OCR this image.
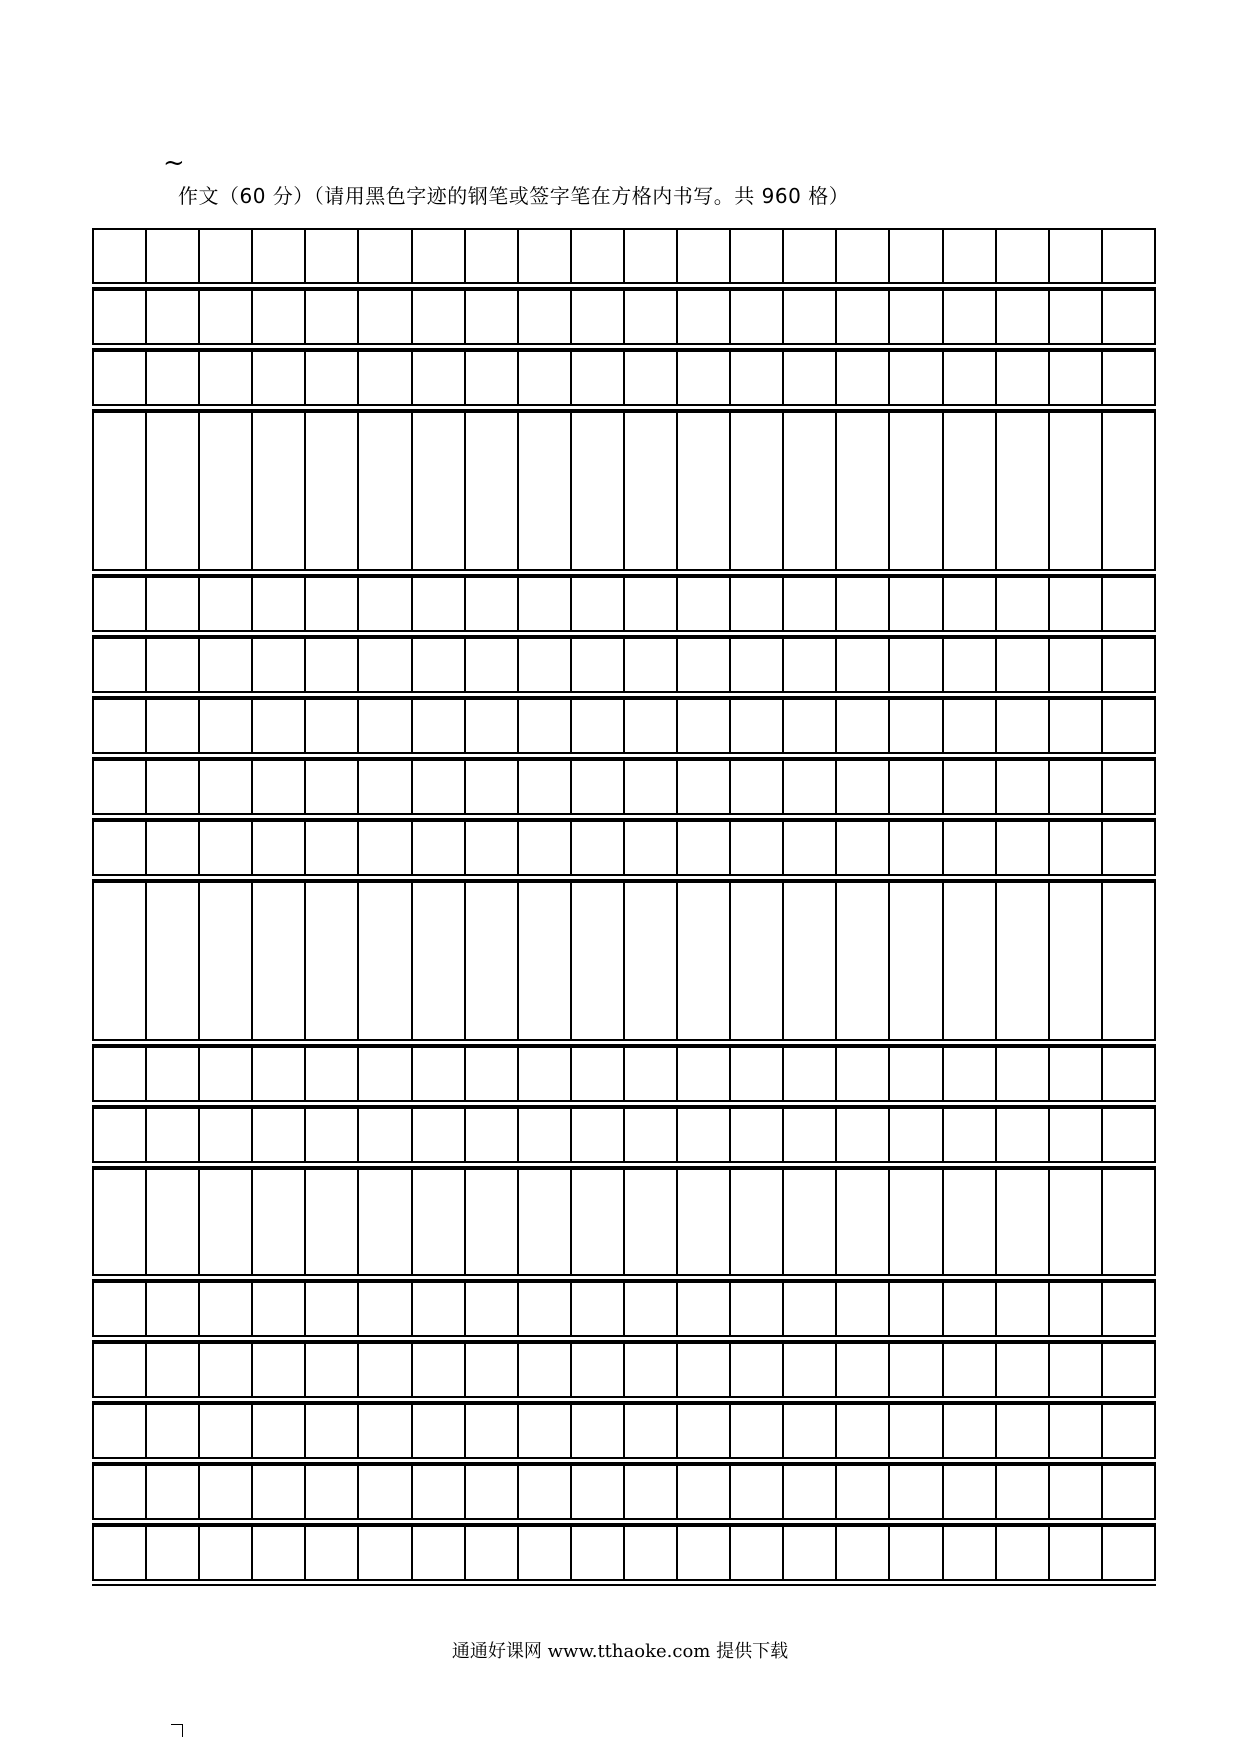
~
作文（60 分）（请用黑色字迹的钢笔或签字笔在方格内书写。共 960 格）
通通好课网 www.tthaoke.com 提供下载
